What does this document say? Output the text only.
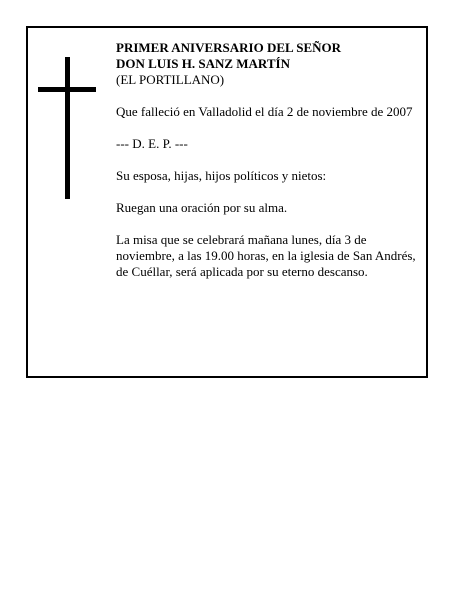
PRIMER ANIVERSARIO DEL SEÑOR

DON LUIS H. SANZ MARTÍN

(EL PORTILLANO)

Que falleció en Valladolid el día 2 de noviembre de 2007

--- D. E. P. ---

Su esposa, hijas, hijos políticos y nietos:

Ruegan una oración por su alma.

La misa que se celebrará mañana lunes, día 3 de noviembre, a las 19.00 horas, en la iglesia de San Andrés, de Cuéllar, será aplicada por su eterno descanso.
